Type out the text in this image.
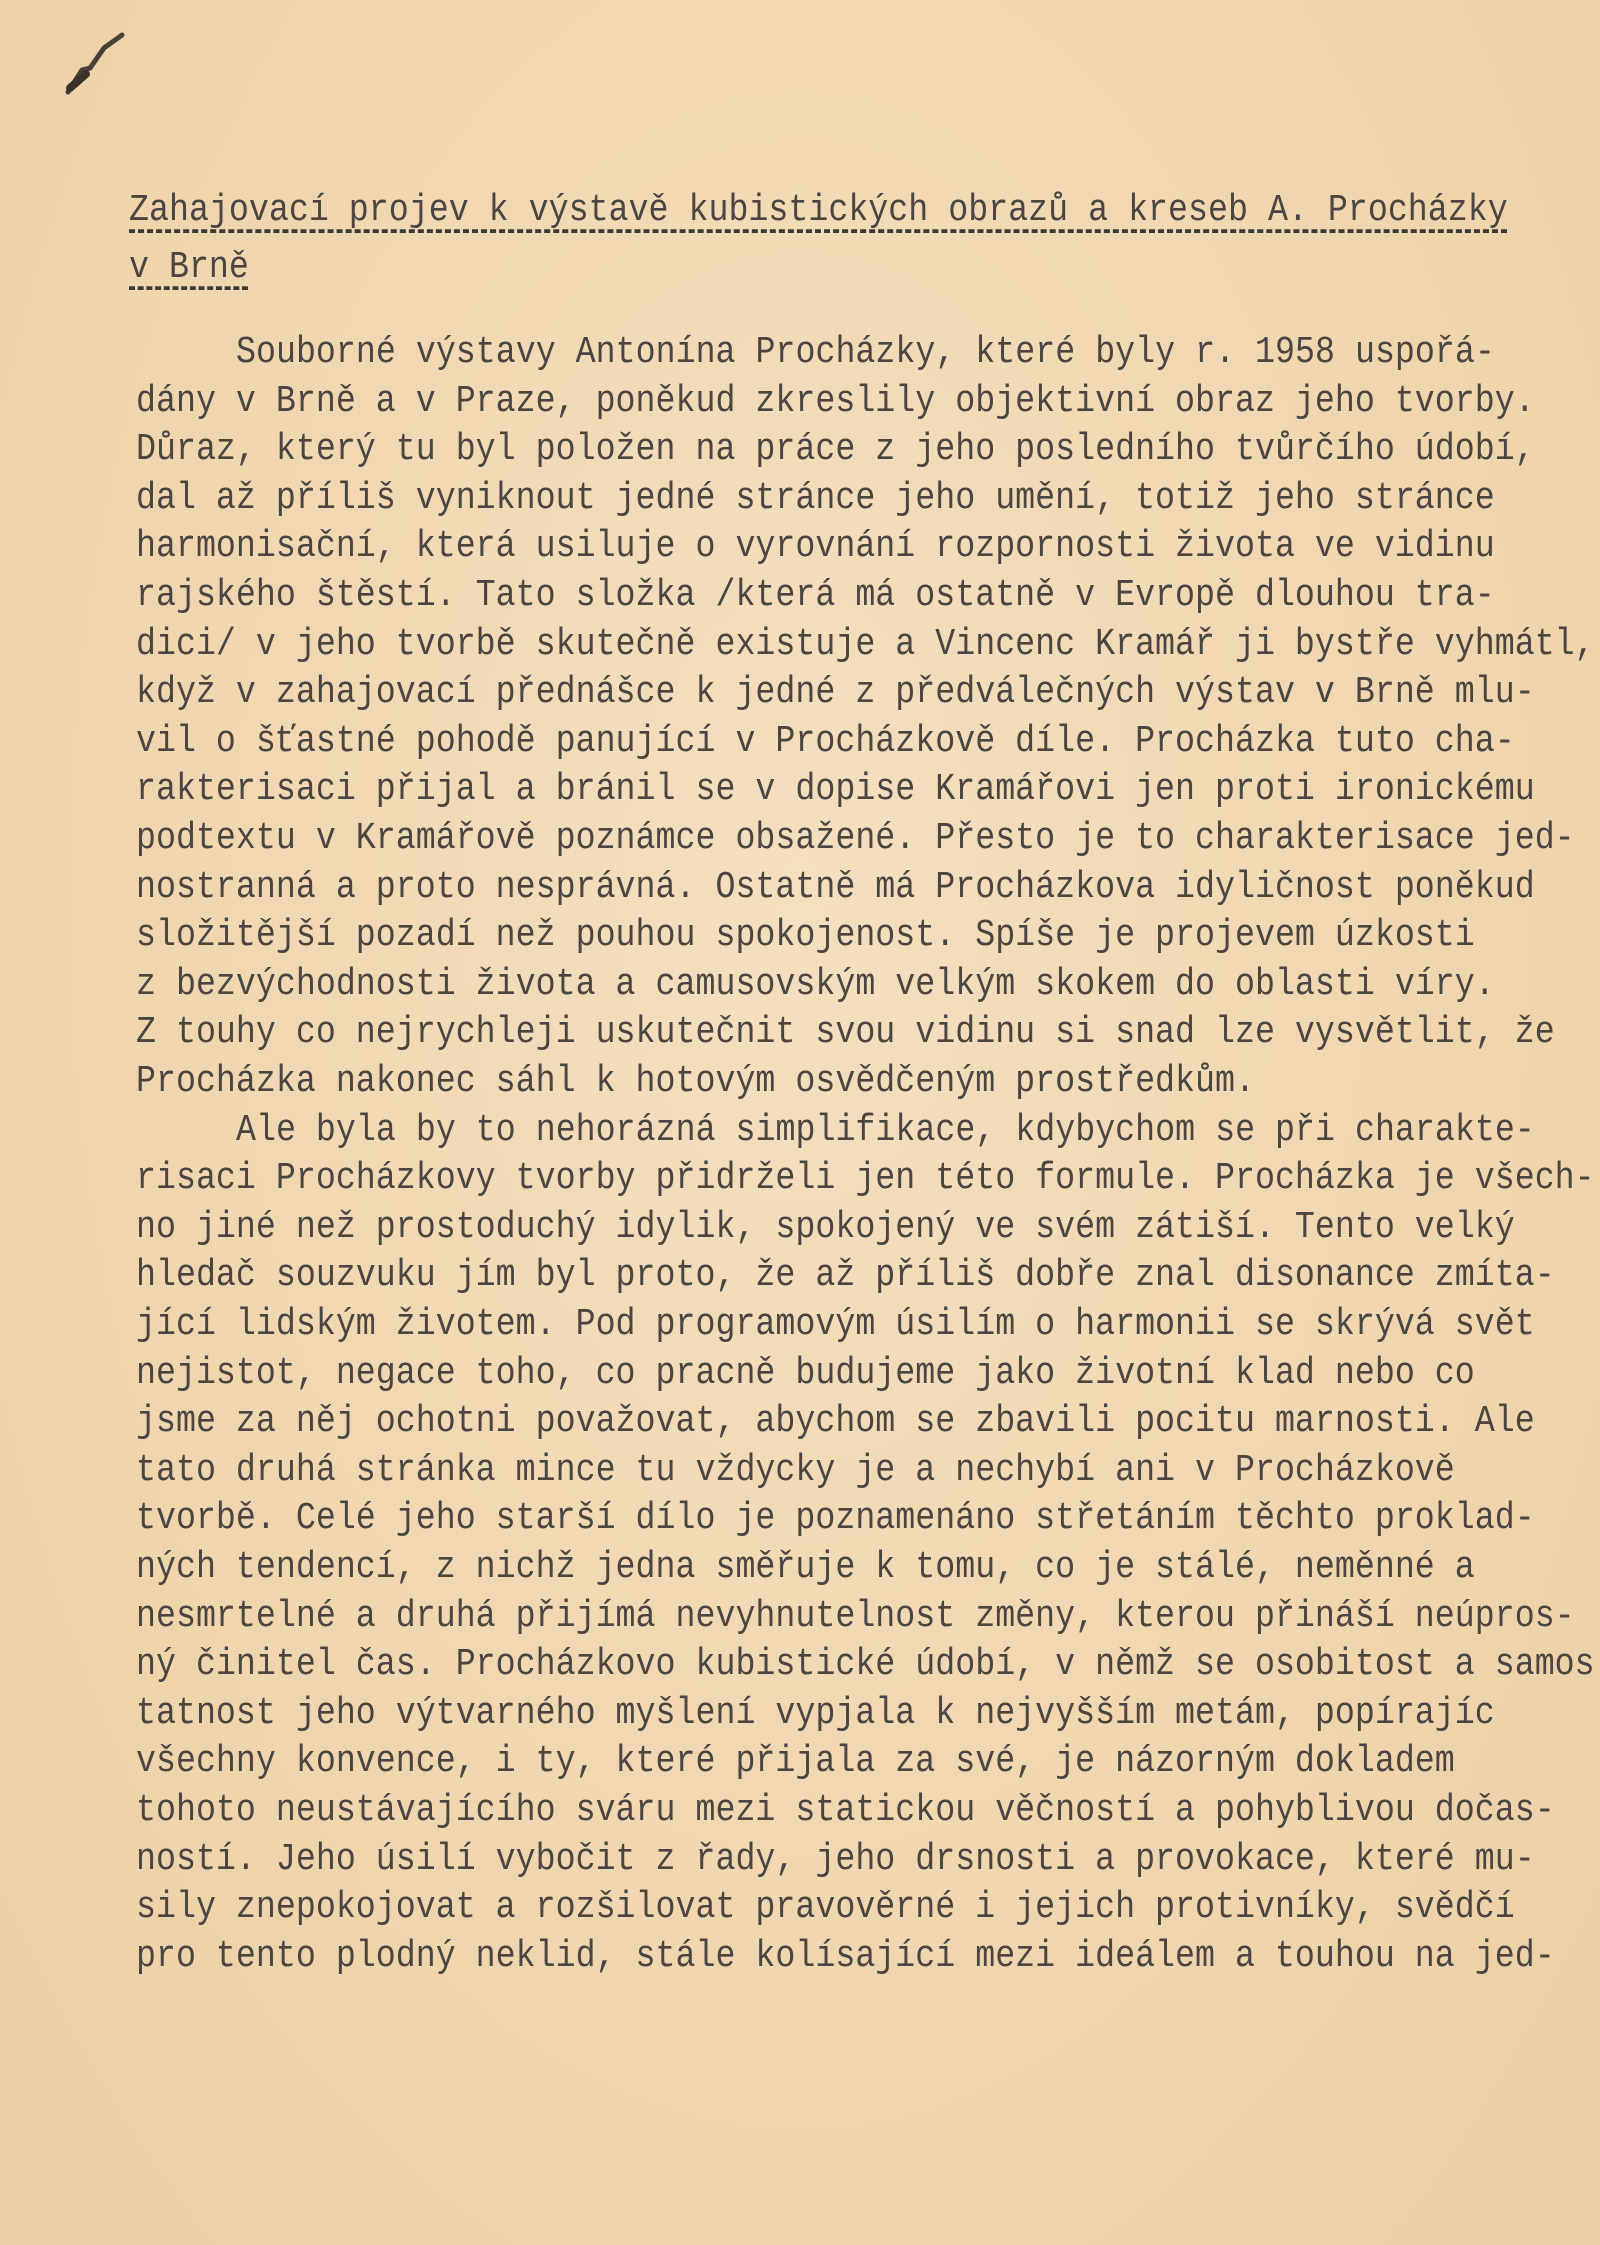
Zahajovací projev k výstavě kubistických obrazů a kreseb A. Procházky
v Brně
Souborné výstavy Antonína Procházky, které byly r. 1958 uspořá-
dány v Brně a v Praze, poněkud zkreslily objektivní obraz jeho tvorby.
Důraz, který tu byl položen na práce z jeho posledního tvůrčího údobí,
dal až příliš vyniknout jedné stránce jeho umění, totiž jeho stránce
harmonisační, která usiluje o vyrovnání rozpornosti života ve vidinu
rajského štěstí. Tato složka /která má ostatně v Evropě dlouhou tra-
dici/ v jeho tvorbě skutečně existuje a Vincenc Kramář ji bystře vyhmátl,
když v zahajovací přednášce k jedné z předválečných výstav v Brně mlu-
vil o šťastné pohodě panující v Procházkově díle. Procházka tuto cha-
rakterisaci přijal a bránil se v dopise Kramářovi jen proti ironickému
podtextu v Kramářově poznámce obsažené. Přesto je to charakterisace jed-
nostranná a proto nesprávná. Ostatně má Procházkova idyličnost poněkud
složitější pozadí než pouhou spokojenost. Spíše je projevem úzkosti
z bezvýchodnosti života a camusovským velkým skokem do oblasti víry.
Z touhy co nejrychleji uskutečnit svou vidinu si snad lze vysvětlit, že
Procházka nakonec sáhl k hotovým osvědčeným prostředkům.
Ale byla by to nehorázná simplifikace, kdybychom se při charakte-
risaci Procházkovy tvorby přidrželi jen této formule. Procházka je všech-
no jiné než prostoduchý idylik, spokojený ve svém zátiší. Tento velký
hledač souzvuku jím byl proto, že až příliš dobře znal disonance zmíta-
jící lidským životem. Pod programovým úsilím o harmonii se skrývá svět
nejistot, negace toho, co pracně budujeme jako životní klad nebo co
jsme za něj ochotni považovat, abychom se zbavili pocitu marnosti. Ale
tato druhá stránka mince tu vždycky je a nechybí ani v Procházkově
tvorbě. Celé jeho starší dílo je poznamenáno střetáním těchto proklad-
ných tendencí, z nichž jedna směřuje k tomu, co je stálé, neměnné a
nesmrtelné a druhá přijímá nevyhnutelnost změny, kterou přináší neúpros-
ný činitel čas. Procházkovo kubistické údobí, v němž se osobitost a samos
tatnost jeho výtvarného myšlení vypjala k nejvyšším metám, popírajíc
všechny konvence, i ty, které přijala za své, je názorným dokladem
tohoto neustávajícího sváru mezi statickou věčností a pohyblivou dočas-
ností. Jeho úsilí vybočit z řady, jeho drsnosti a provokace, které mu-
sily znepokojovat a rozšilovat pravověrné i jejich protivníky, svědčí
pro tento plodný neklid, stále kolísající mezi ideálem a touhou na jed-
